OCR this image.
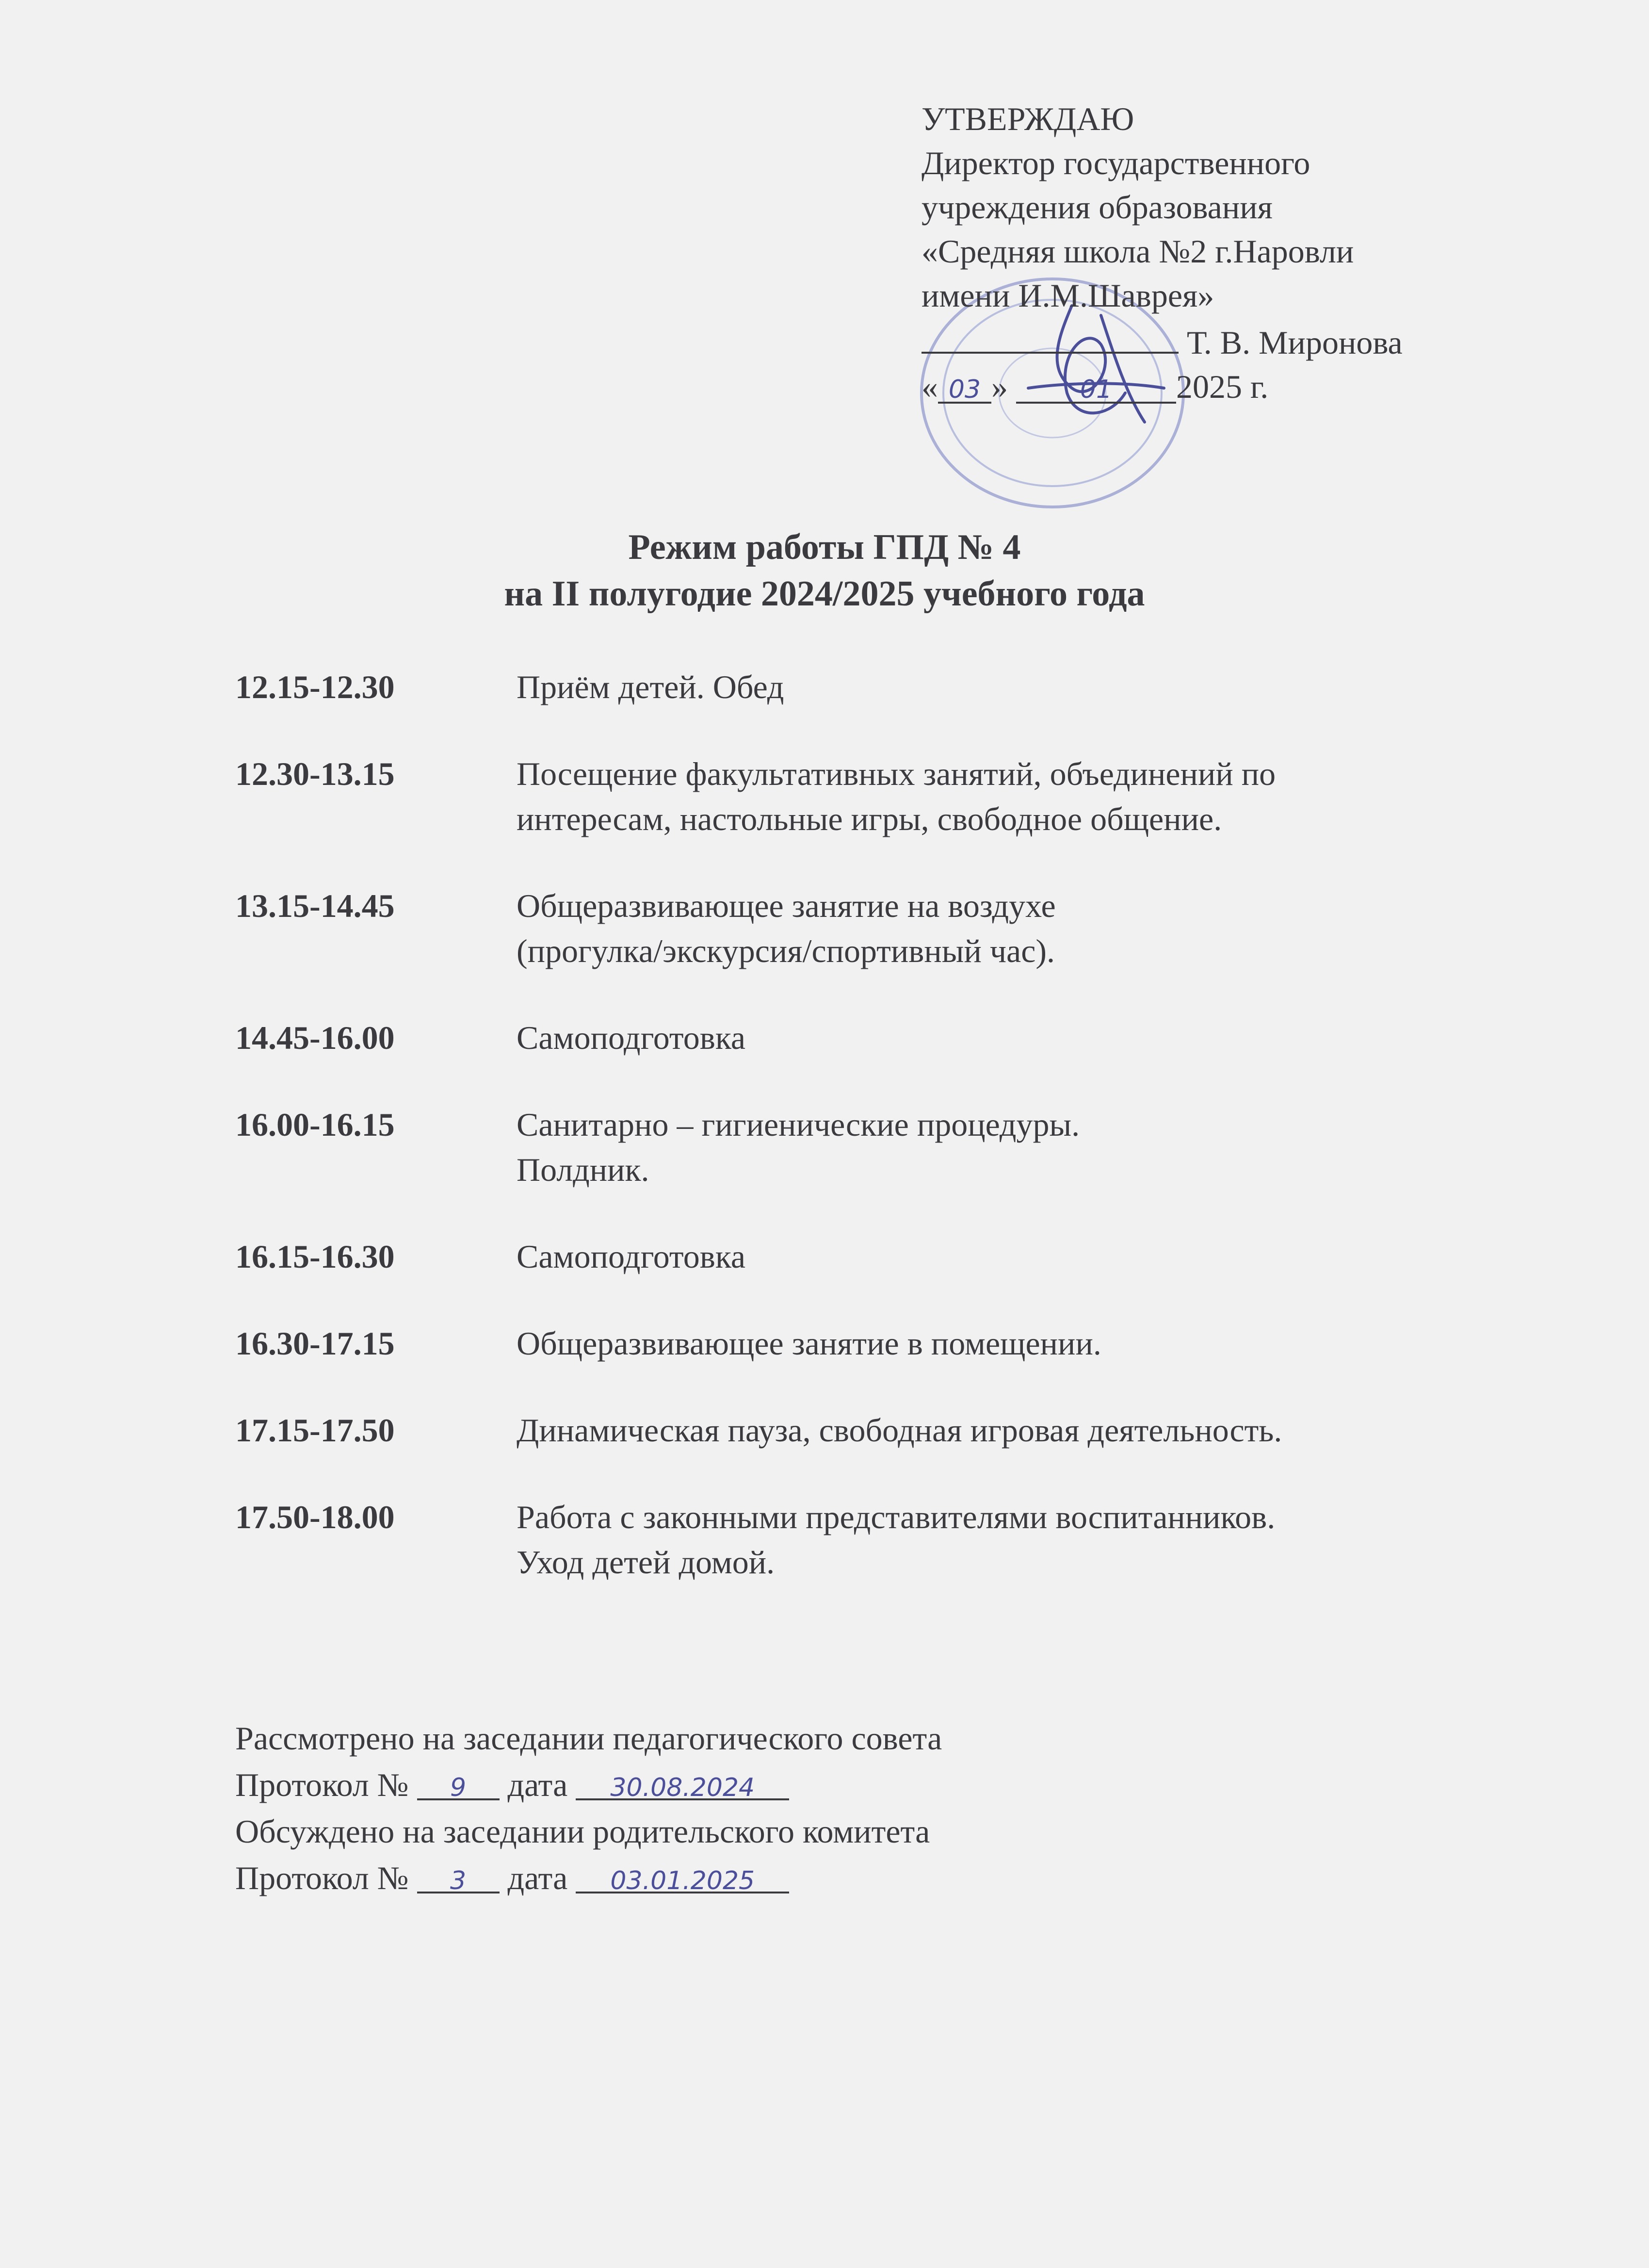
УТВЕРЖДАЮ
Директор государственного
учреждения образования
«Средняя школа №2 г.Наровли
имени И.М.Шаврея»
Т. В. Миронова
« 03 »	01 2025 г.
Режим работы ГПД № 4
на II полугодие 2024/2025 учебного года
12.15-12.30	Приём детей. Обед
12.30-13.15	Посещение факультативных занятий, объединений по
интересам, настольные игры, свободное общение.
13.15-14.45	Общеразвивающее занятие на воздухе
(прогулка/экскурсия/спортивный час).
14.45-16.00	Самоподготовка
16.00-16.15	Санитарно – гигиенические процедуры.
Полдник.
16.15-16.30	Самоподготовка
16.30-17.15	Общеразвивающее занятие в помещении.
17.15-17.50	Динамическая пауза, свободная игровая деятельность.
17.50-18.00	Работа с законными представителями воспитанников.
Уход детей домой.
Рассмотрено на заседании педагогического совета
Протокол № 9 дата 30.08.2024
Обсуждено на заседании родительского комитета
Протокол № 3 дата 03.01.2025
